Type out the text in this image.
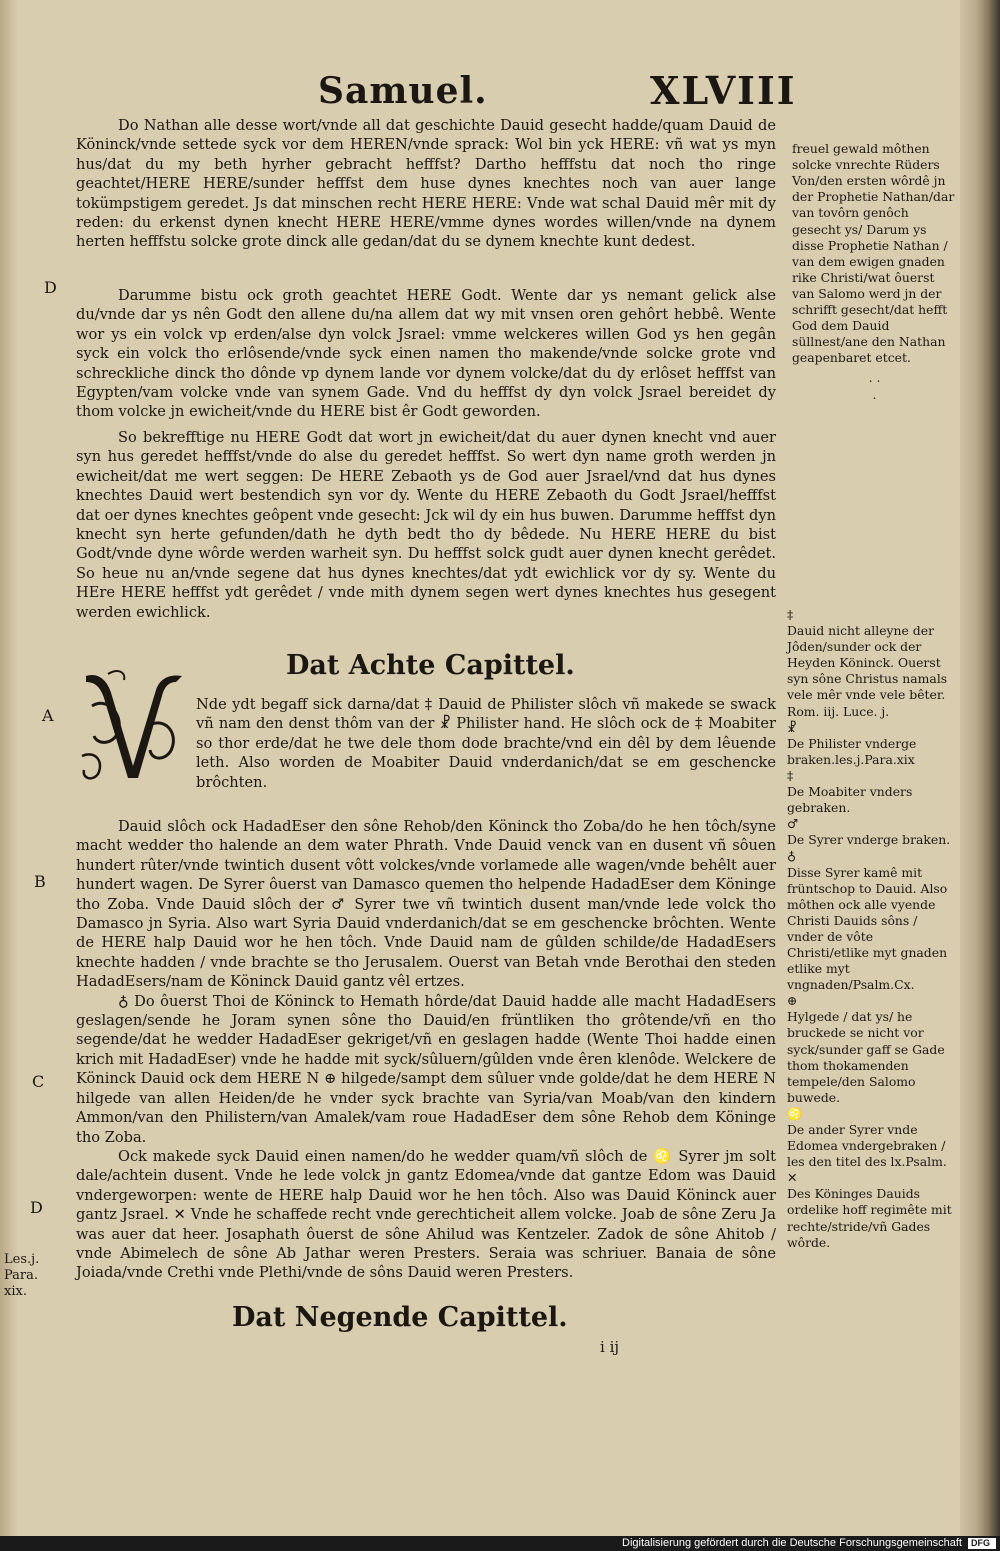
Samuel.	XLVIII

Do Nathan alle desse wort/vnde all dat geschichte Dauid gesecht hadde/quam Dauid de Köninck/vnde settede syck vor dem HEREN/vnde sprack: Wol bin yck HERE: vñ wat ys myn hus/dat du my beth hyrher gebracht hefffst? Dartho hefffstu dat noch tho ringe geachtet/HERE HERE/sunder hefffst dem huse dynes knechtes noch van auer lange tokümpstigem geredet. Js dat minschen recht HERE HERE: Vnde wat schal Dauid mêr mit dy reden: du erkenst dynen knecht HERE HERE/vmme dynes wordes willen/vnde na dynem herten hefffstu solcke grote dinck alle gedan/dat du se dynem knechte kunt dedest.

Darumme bistu ock groth geachtet HERE Godt. Wente dar ys nemant gelick alse du/vnde dar ys nên Godt den allene du/na allem dat wy mit vnsen oren gehôrt hebbê. Wente wor ys ein volck vp erden/alse dyn volck Jsrael: vmme welckeres willen God ys hen gegân syck ein volck tho erlôsende/vnde syck einen namen tho makende/vnde solcke grote vnd schreckliche dinck tho dônde vp dynem lande vor dynem volcke/dat du dy erlôset hefffst van Egypten/vam volcke vnde van synem Gade. Vnd du hefffst dy dyn volck Jsrael bereidet dy thom volcke jn ewicheit/vnde du HERE bist êr Godt geworden.

So bekrefftige nu HERE Godt dat wort jn ewicheit/dat du auer dynen knecht vnd auer syn hus geredet hefffst/vnde do alse du geredet hefffst. So wert dyn name groth werden jn ewicheit/dat me wert seggen: De HERE Zebaoth ys de God auer Jsrael/vnd dat hus dynes knechtes Dauid wert bestendich syn vor dy. Wente du HERE Zebaoth du Godt Jsrael/hefffst dat oer dynes knechtes geôpent vnde gesecht: Jck wil dy ein hus buwen. Darumme hefffst dyn knecht syn herte gefunden/dath he dyth bedt tho dy bêdede. Nu HERE HERE du bist Godt/vnde dyne wôrde werden warheit syn. Du hefffst solck gudt auer dynen knecht gerêdet. So heue nu an/vnde segene dat hus dynes knechtes/dat ydt ewichlick vor dy sy. Wente du HEre HERE hefffst ydt gerêdet / vnde mith dynem segen wert dynes knechtes hus gesegent werden ewichlick.

Dat Achte Capittel.

Nde ydt begaff sick darna/dat ‡ Dauid de Philister slôch vñ makede se swack vñ nam den denst thôm van der ☧ Philister hand. He slôch ock de ‡ Moabiter so thor erde/dat he twe dele thom dode brachte/vnd ein dêl by dem lêuende leth. Also worden de Moabiter Dauid vnderdanich/dat se em geschencke brôchten.

Dauid slôch ock HadadEser den sône Rehob/den Köninck tho Zoba/do he hen tôch/syne macht wedder tho halende an dem water Phrath. Vnde Dauid venck van en dusent vñ sôuen hundert rûter/vnde twintich dusent vôtt volckes/vnde vorlamede alle wagen/vnde behêlt auer hundert wagen. De Syrer ôuerst van Damasco quemen tho helpende HadadEser dem Köninge tho Zoba. Vnde Dauid slôch der ♂ Syrer twe vñ twintich dusent man/vnde lede volck tho Damasco jn Syria. Also wart Syria Dauid vnderdanich/dat se em geschencke brôchten. Wente de HERE halp Dauid wor he hen tôch. Vnde Dauid nam de gûlden schilde/de HadadEsers knechte hadden / vnde brachte se tho Jerusalem. Ouerst van Betah vnde Berothai den steden HadadEsers/nam de Köninck Dauid gantz vêl ertzes.

♁ Do ôuerst Thoi de Köninck to Hemath hôrde/dat Dauid hadde alle macht HadadEsers geslagen/sende he Joram synen sône tho Dauid/en früntliken tho grôtende/vñ en tho segende/dat he wedder HadadEser gekriget/vñ en geslagen hadde (Wente Thoi hadde einen krich mit HadadEser) vnde he hadde mit syck/sûluern/gûlden vnde êren klenôde. Welckere de Köninck Dauid ock dem HERE N ⊕ hilgede/sampt dem sûluer vnde golde/dat he dem HERE N hilgede van allen Heiden/de he vnder syck brachte van Syria/van Moab/van den kindern Ammon/van den Philistern/van Amalek/vam roue HadadEser dem sône Rehob dem Köninge tho Zoba.

Ock makede syck Dauid einen namen/do he wedder quam/vñ slôch de ♌ Syrer jm solt dale/achtein dusent. Vnde he lede volck jn gantz Edomea/vnde dat gantze Edom was Dauid vndergeworpen: wente de HERE halp Dauid wor he hen tôch. Also was Dauid Köninck auer gantz Jsrael. ✕ Vnde he schaffede recht vnde gerechticheit allem volcke. Joab de sône Zeru Ja was auer dat heer. Josaphath ôuerst de sône Ahilud was Kentzeler. Zadok de sône Ahitob / vnde Abimelech de sône Ab Jathar weren Presters. Seraia was schriuer. Banaia de sône Joiada/vnde Crethi vnde Plethi/vnde de sôns Dauid weren Presters.

Dat Negende Capittel.
i ij

freuel gewald môthen solcke vnrechte Rüders Von/den ersten wôrdê jn der Prophetie Nathan/dar van tovôrn genôch gesecht ys/ Darum ys disse Prophetie Nathan / van dem ewigen gnaden rike Christi/wat ôuerst van Salomo werd jn der schrifft gesecht/dat hefft God dem Dauid süllnest/ane den Nathan geapenbaret etcet.

. .
.

‡
Dauid nicht alleyne der Jôden/sunder ock der Heyden Köninck. Ouerst syn sône Christus namals vele mêr vnde vele bêter. Rom. iij. Luce. j.
☧
De Philister vnderge braken.les.j.Para.xix
‡
De Moabiter vnders gebraken.
♂
De Syrer vnderge braken.
♁
Disse Syrer kamê mit früntschop to Dauid. Also môthen ock alle vyende Christi Dauids sôns / vnder de vôte Christi/etlike myt gnaden etlike myt vngnaden/Psalm.Cx.
⊕
Hylgede / dat ys/ he bruckede se nicht vor syck/sunder gaff se Gade thom thokamenden tempele/den Salomo buwede.
♌
De ander Syrer vnde Edomea vndergebraken / les den titel des lx.Psalm.
✕
Des Köninges Dauids ordelike hoff regimête mit rechte/stride/vñ Gades wôrde.
D
A
B
C
D
Les.j.
Para.
xix.
Digitalisierung gefördert durch die Deutsche Forschungsgemeinschaft DFG
